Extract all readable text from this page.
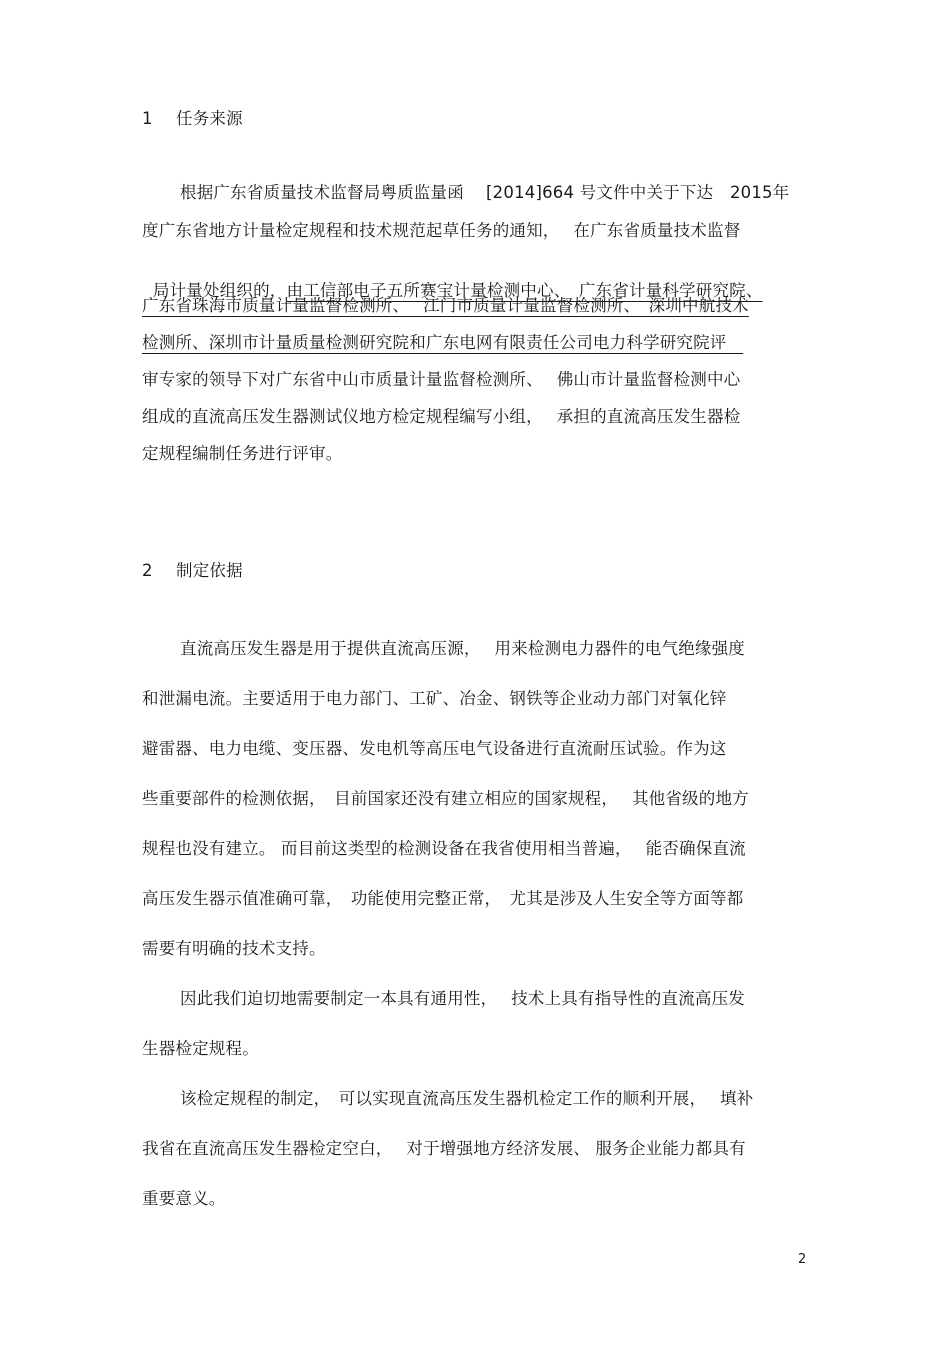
1 任务来源
根据广东省质量技术监督局粤质监量函　 [2014]664 号文件中关于下达　2015年
度广东省地方计量检定规程和技术规范起草任务的通知，　 在广东省质量技术监督

局计量处组织的，由工信部电子五所赛宝计量检测中心、　广东省计量科学研究院、

广东省珠海市质量计量监督检测所、　 江门市质量计量监督检测所、　深圳中航技术
检测所、深圳市计量质量检测研究院和广东电网有限责任公司电力科学研究院评　
审专家的领导下对广东省中山市质量计量监督检测所、　 佛山市计量监督检测中心
组成的直流高压发生器测试仪地方检定规程编写小组，　 承担的直流高压发生器检
定规程编制任务进行评审。
2 制定依据
直流高压发生器是用于提供直流高压源，　 用来检测电力器件的电气绝缘强度
和泄漏电流。主要适用于电力部门、工矿、冶金、钢铁等企业动力部门对氧化锌
避雷器、电力电缆、变压器、发电机等高压电气设备进行直流耐压试验。作为这
些重要部件的检测依据，　目前国家还没有建立相应的国家规程，　 其他省级的地方
规程也没有建立。 而目前这类型的检测设备在我省使用相当普遍，　 能否确保直流
高压发生器示值准确可靠，　功能使用完整正常，　尤其是涉及人生安全等方面等都
需要有明确的技术支持。
因此我们迫切地需要制定一本具有通用性，　 技术上具有指导性的直流高压发
生器检定规程。
该检定规程的制定，　可以实现直流高压发生器机检定工作的顺利开展，　 填补
我省在直流高压发生器检定空白，　 对于增强地方经济发展、 服务企业能力都具有
重要意义。
2
